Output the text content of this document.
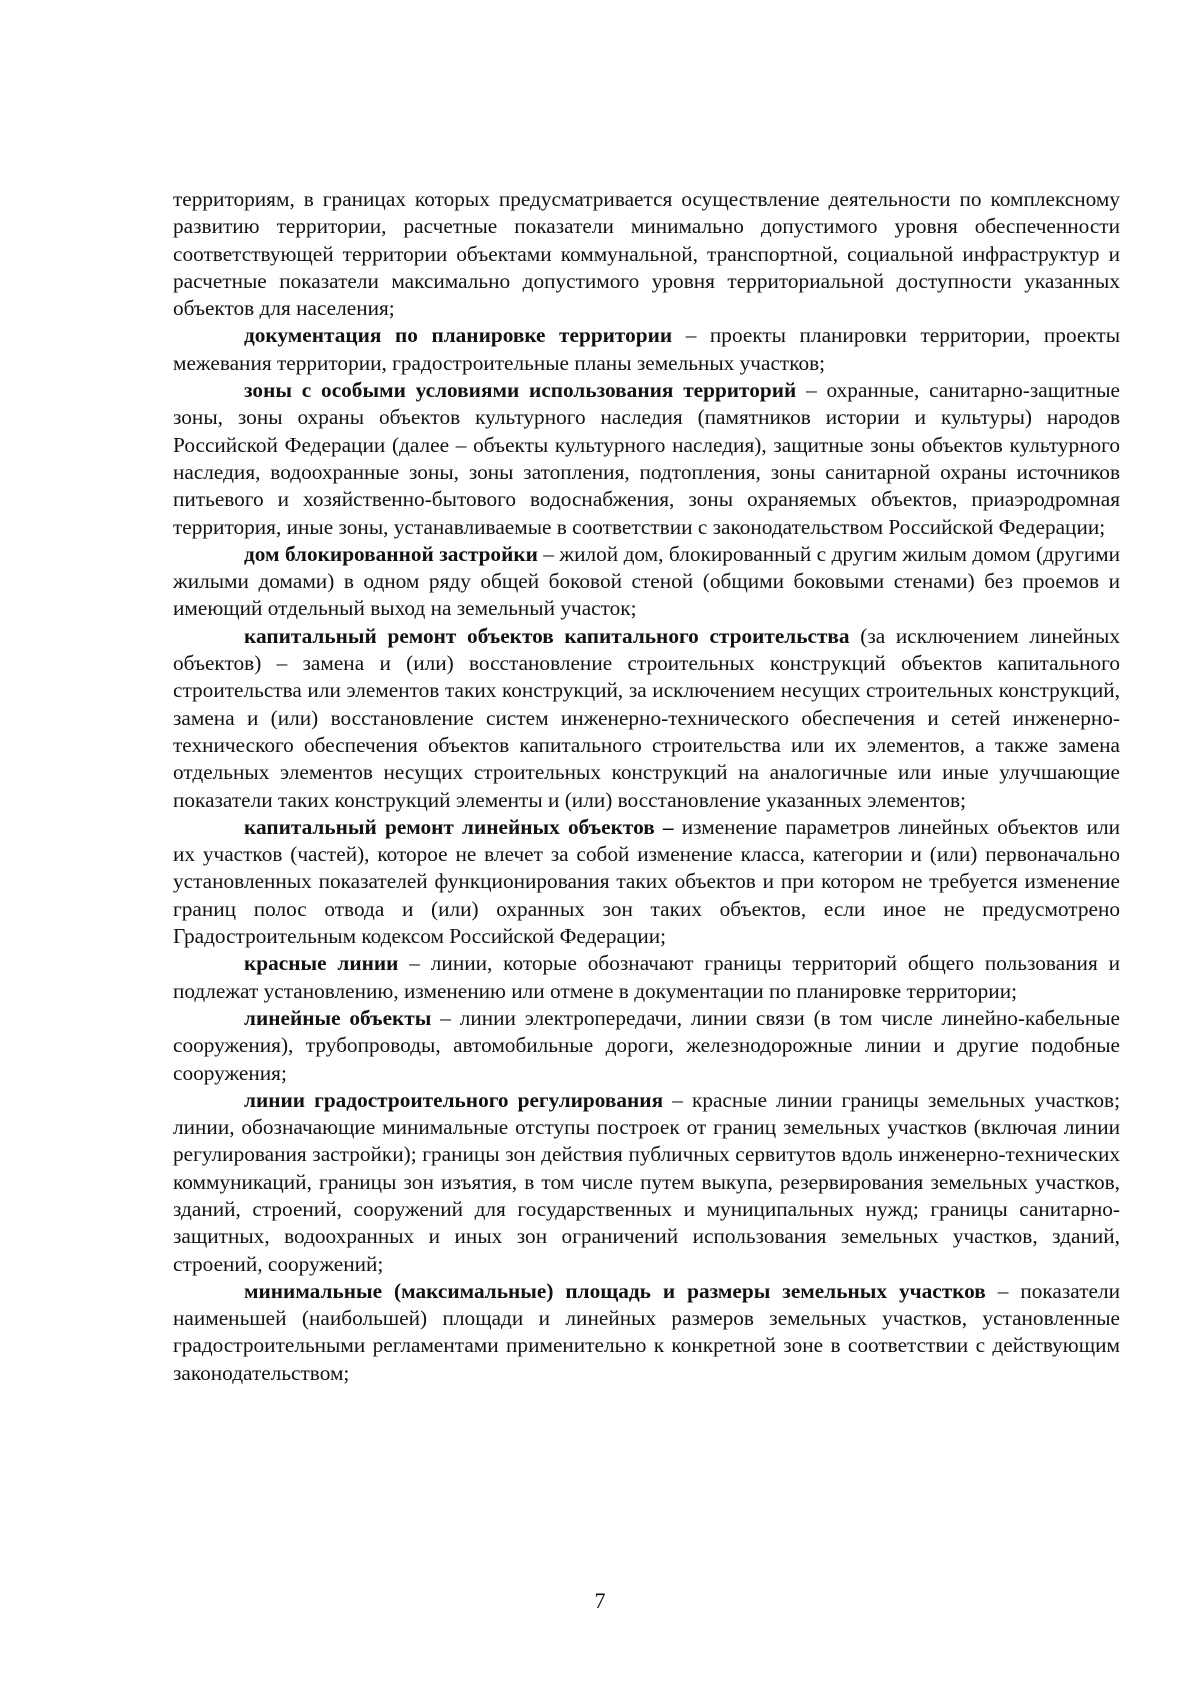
территориям, в границах которых предусматривается осуществление деятельности по комплексному развитию территории, расчетные показатели минимально допустимого уровня обеспеченности соответствующей территории объектами коммунальной, транспортной, социальной инфраструктур и расчетные показатели максимально допустимого уровня территориальной доступности указанных объектов для населения;

документация по планировке территории – проекты планировки территории, проекты межевания территории, градостроительные планы земельных участков;

зоны с особыми условиями использования территорий – охранные, санитарно-защитные зоны, зоны охраны объектов культурного наследия (памятников истории и культуры) народов Российской Федерации (далее – объекты культурного наследия), защитные зоны объектов культурного наследия, водоохранные зоны, зоны затопления, подтопления, зоны санитарной охраны источников питьевого и хозяйственно-бытового водоснабжения, зоны охраняемых объектов, приаэродромная территория, иные зоны, устанавливаемые в соответствии с законодательством Российской Федерации;

дом блокированной застройки – жилой дом, блокированный с другим жилым домом (другими жилыми домами) в одном ряду общей боковой стеной (общими боковыми стенами) без проемов и имеющий отдельный выход на земельный участок;

капитальный ремонт объектов капитального строительства (за исключением линейных объектов) – замена и (или) восстановление строительных конструкций объектов капитального строительства или элементов таких конструкций, за исключением несущих строительных конструкций, замена и (или) восстановление систем инженерно-технического обеспечения и сетей инженерно-технического обеспечения объектов капитального строительства или их элементов, а также замена отдельных элементов несущих строительных конструкций на аналогичные или иные улучшающие показатели таких конструкций элементы и (или) восстановление указанных элементов;

капитальный ремонт линейных объектов – изменение параметров линейных объектов или их участков (частей), которое не влечет за собой изменение класса, категории и (или) первоначально установленных показателей функционирования таких объектов и при котором не требуется изменение границ полос отвода и (или) охранных зон таких объектов, если иное не предусмотрено Градостроительным кодексом Российской Федерации;

красные линии – линии, которые обозначают границы территорий общего пользования и подлежат установлению, изменению или отмене в документации по планировке территории;

линейные объекты – линии электропередачи, линии связи (в том числе линейно-кабельные сооружения), трубопроводы, автомобильные дороги, железнодорожные линии и другие подобные сооружения;

линии градостроительного регулирования – красные линии границы земельных участков; линии, обозначающие минимальные отступы построек от границ земельных участков (включая линии регулирования застройки); границы зон действия публичных сервитутов вдоль инженерно-технических коммуникаций, границы зон изъятия, в том числе путем выкупа, резервирования земельных участков, зданий, строений, сооружений для государственных и муниципальных нужд; границы санитарно-защитных, водоохранных и иных зон ограничений использования земельных участков, зданий, строений, сооружений;

минимальные (максимальные) площадь и размеры земельных участков – показатели наименьшей (наибольшей) площади и линейных размеров земельных участков, установленные градостроительными регламентами применительно к конкретной зоне в соответствии с действующим законодательством;

7
